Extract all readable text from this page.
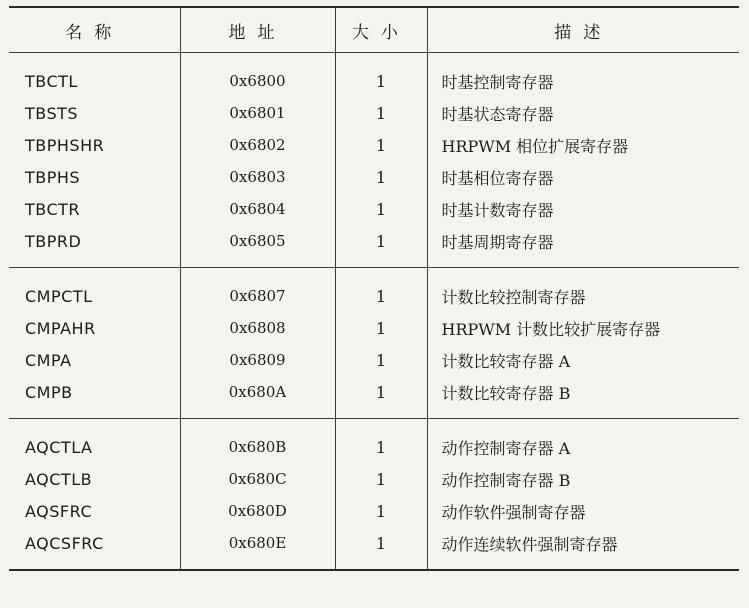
名称	地址	大小	描述
TBCTL	0x6800	1	时基控制寄存器
TBSTS	0x6801	1	时基状态寄存器
TBPHSHR	0x6802	1	HRPWM 相位扩展寄存器
TBPHS	0x6803	1	时基相位寄存器
TBCTR	0x6804	1	时基计数寄存器
TBPRD	0x6805	1	时基周期寄存器
CMPCTL	0x6807	1	计数比较控制寄存器
CMPAHR	0x6808	1	HRPWM 计数比较扩展寄存器
CMPA	0x6809	1	计数比较寄存器 A
CMPB	0x680A	1	计数比较寄存器 B
AQCTLA	0x680B	1	动作控制寄存器 A
AQCTLB	0x680C	1	动作控制寄存器 B
AQSFRC	0x680D	1	动作软件强制寄存器
AQCSFRC	0x680E	1	动作连续软件强制寄存器
